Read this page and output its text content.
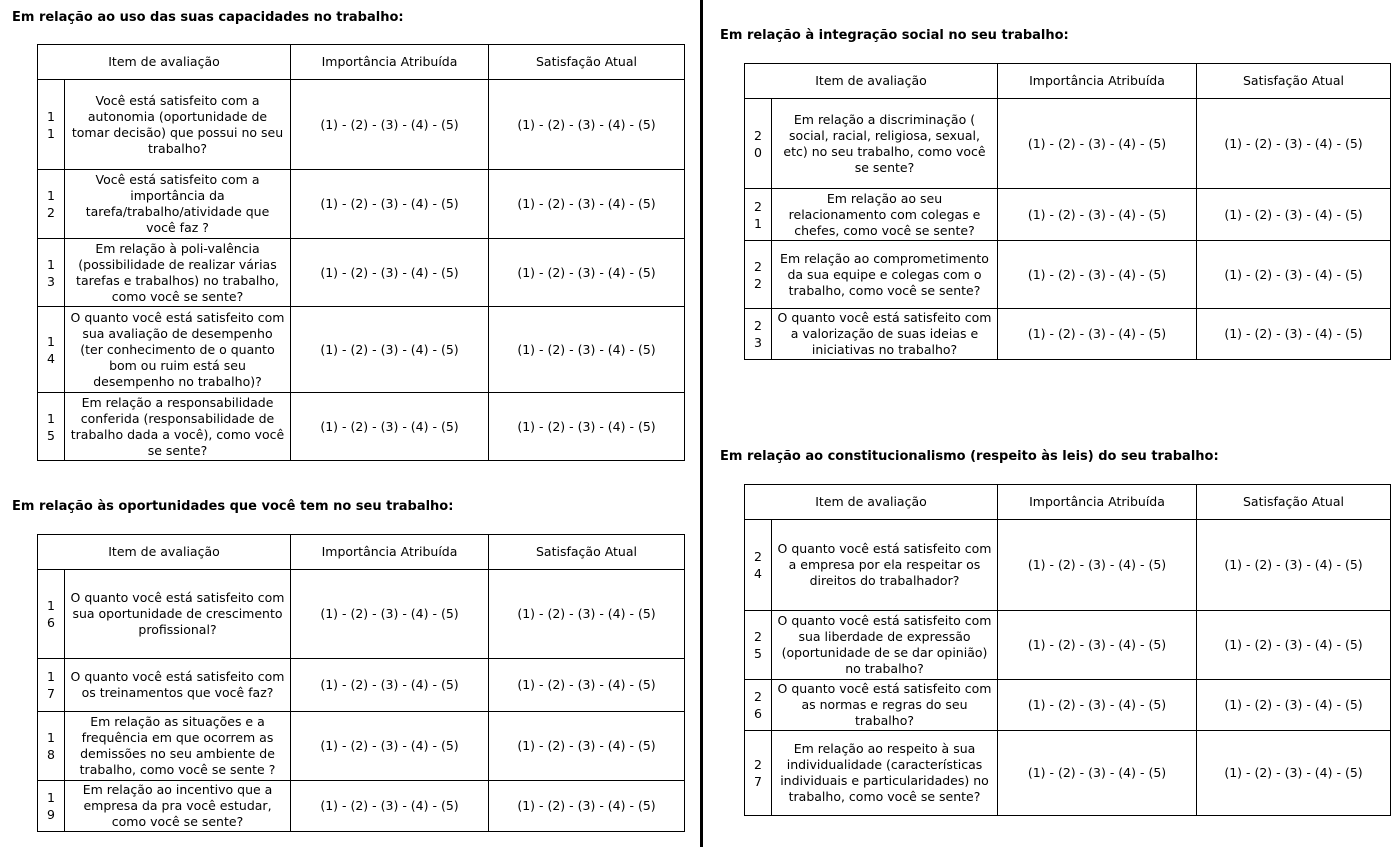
Em relação ao uso das suas capacidades no trabalho:
Item de avaliação		Importância Atribuída	Satisfação Atual

1
1	Você está satisfeito com a autonomia (oportunidade de tomar decisão) que possui no seu trabalho?	(1) - (2) - (3) - (4) - (5)	(1) - (2) - (3) - (4) - (5)

1
2	Você está satisfeito com a importância da tarefa/trabalho/atividade que você faz ?	(1) - (2) - (3) - (4) - (5)	(1) - (2) - (3) - (4) - (5)

1
3	Em relação à poli-valência (possibilidade de realizar várias tarefas e trabalhos) no trabalho, como você se sente?	(1) - (2) - (3) - (4) - (5)	(1) - (2) - (3) - (4) - (5)

1
4	O quanto você está satisfeito com sua avaliação de desempenho (ter conhecimento de o quanto bom ou ruim está seu desempenho no trabalho)?	(1) - (2) - (3) - (4) - (5)	(1) - (2) - (3) - (4) - (5)

1
5	Em relação a responsabilidade conferida (responsabilidade de trabalho dada a você), como você se sente?	(1) - (2) - (3) - (4) - (5)	(1) - (2) - (3) - (4) - (5)
Em relação às oportunidades que você tem no seu trabalho:
Item de avaliação		Importância Atribuída	Satisfação Atual

1
6	O quanto você está satisfeito com sua oportunidade de crescimento profissional?	(1) - (2) - (3) - (4) - (5)	(1) - (2) - (3) - (4) - (5)

1
7	O quanto você está satisfeito com os treinamentos que você faz?	(1) - (2) - (3) - (4) - (5)	(1) - (2) - (3) - (4) - (5)

1
8	Em relação as situações e a frequência em que ocorrem as demissões no seu ambiente de trabalho, como você se sente ?	(1) - (2) - (3) - (4) - (5)	(1) - (2) - (3) - (4) - (5)

1
9	Em relação ao incentivo que a empresa da pra você estudar, como você se sente?	(1) - (2) - (3) - (4) - (5)	(1) - (2) - (3) - (4) - (5)
Em relação à integração social no seu trabalho:
Item de avaliação		Importância Atribuída	Satisfação Atual

2
0	Em relação a discriminação ( social, racial, religiosa, sexual, etc) no seu trabalho, como você se sente?	(1) - (2) - (3) - (4) - (5)	(1) - (2) - (3) - (4) - (5)

2
1	Em relação ao seu relacionamento com colegas e chefes, como você se sente?	(1) - (2) - (3) - (4) - (5)	(1) - (2) - (3) - (4) - (5)

2
2	Em relação ao comprometimento da sua equipe e colegas com o trabalho, como você se sente?	(1) - (2) - (3) - (4) - (5)	(1) - (2) - (3) - (4) - (5)

2
3	O quanto você está satisfeito com a valorização de suas ideias e iniciativas no trabalho?	(1) - (2) - (3) - (4) - (5)	(1) - (2) - (3) - (4) - (5)
Em relação ao constitucionalismo (respeito às leis) do seu trabalho:
Item de avaliação		Importância Atribuída	Satisfação Atual

2
4	O quanto você está satisfeito com a empresa por ela respeitar os direitos do trabalhador?	(1) - (2) - (3) - (4) - (5)	(1) - (2) - (3) - (4) - (5)

2
5	O quanto você está satisfeito com sua liberdade de expressão (oportunidade de se dar opinião) no trabalho?	(1) - (2) - (3) - (4) - (5)	(1) - (2) - (3) - (4) - (5)

2
6	O quanto você está satisfeito com as normas e regras do seu trabalho?	(1) - (2) - (3) - (4) - (5)	(1) - (2) - (3) - (4) - (5)

2
7	Em relação ao respeito à sua individualidade (características individuais e particularidades) no trabalho, como você se sente?	(1) - (2) - (3) - (4) - (5)	(1) - (2) - (3) - (4) - (5)
